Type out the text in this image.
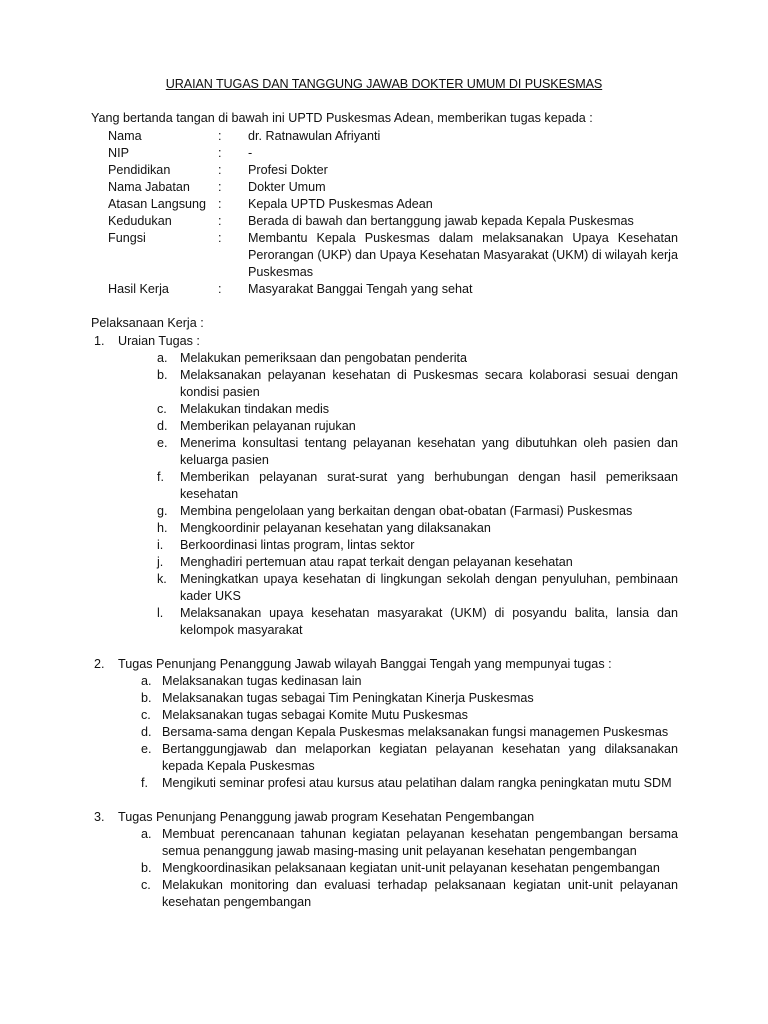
URAIAN TUGAS DAN TANGGUNG JAWAB DOKTER UMUM DI PUSKESMAS
Yang bertanda tangan di bawah ini UPTD Puskesmas Adean, memberikan tugas kepada :
Nama	: dr. Ratnawulan Afriyanti
NIP	: -
Pendidikan	: Profesi Dokter
Nama Jabatan : Dokter Umum
Atasan Langsung : Kepala UPTD Puskesmas Adean
Kedudukan	: Berada di bawah dan bertanggung jawab kepada Kepala Puskesmas
Fungsi	: Membantu Kepala Puskesmas dalam melaksanakan Upaya Kesehatan Perorangan (UKP) dan Upaya Kesehatan Masyarakat (UKM) di wilayah kerja Puskesmas
Hasil Kerja	: Masyarakat Banggai Tengah yang sehat
Pelaksanaan Kerja :
1. Uraian Tugas :
a. Melakukan pemeriksaan dan pengobatan penderita
b. Melaksanakan pelayanan kesehatan di Puskesmas secara kolaborasi sesuai dengan kondisi pasien
c. Melakukan tindakan medis
d. Memberikan pelayanan rujukan
e. Menerima konsultasi tentang pelayanan kesehatan yang dibutuhkan oleh pasien dan keluarga pasien
f. Memberikan pelayanan surat-surat yang berhubungan dengan hasil pemeriksaan kesehatan
g. Membina pengelolaan yang berkaitan dengan obat-obatan (Farmasi) Puskesmas
h. Mengkoordinir pelayanan kesehatan yang dilaksanakan
i. Berkoordinasi lintas program, lintas sektor
j. Menghadiri pertemuan atau rapat terkait dengan pelayanan kesehatan
k. Meningkatkan upaya kesehatan di lingkungan sekolah dengan penyuluhan, pembinaan kader UKS
l. Melaksanakan upaya kesehatan masyarakat (UKM) di posyandu balita, lansia dan kelompok masyarakat
2. Tugas Penunjang Penanggung Jawab wilayah Banggai Tengah yang mempunyai tugas :
a. Melaksanakan tugas kedinasan lain
b. Melaksanakan tugas sebagai Tim Peningkatan Kinerja Puskesmas
c. Melaksanakan tugas sebagai Komite Mutu Puskesmas
d. Bersama-sama dengan Kepala Puskesmas melaksanakan fungsi managemen Puskesmas
e. Bertanggungjawab dan melaporkan kegiatan pelayanan kesehatan yang dilaksanakan kepada Kepala Puskesmas
f. Mengikuti seminar profesi atau kursus atau pelatihan dalam rangka peningkatan mutu SDM
3. Tugas Penunjang Penanggung jawab program Kesehatan Pengembangan
a. Membuat perencanaan tahunan kegiatan pelayanan kesehatan pengembangan bersama semua penanggung jawab masing-masing unit pelayanan kesehatan pengembangan
b. Mengkoordinasikan pelaksanaan kegiatan unit-unit pelayanan kesehatan pengembangan
c. Melakukan monitoring dan evaluasi terhadap pelaksanaan kegiatan unit-unit pelayanan kesehatan pengembangan
